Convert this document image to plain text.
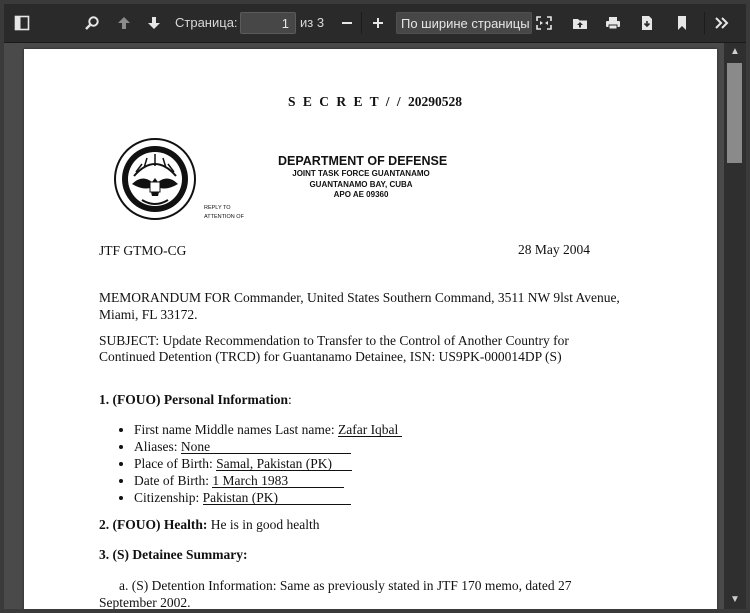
Страница:
1	из 3	По ширине страницы
S E C R E T / / 20290528
DEPARTMENT OF DEFENSE
JOINT TASK FORCE GUANTANAMO
GUANTANAMO BAY, CUBA
APO AE 09360
REPLY TO
ATTENTION OF
JTF GTMO-CG	28 May 2004
MEMORANDUM FOR Commander, United States Southern Command, 3511 NW 9lst Avenue,
Miami, FL 33172.
SUBJECT: Update Recommendation to Transfer to the Control of Another Country for
Continued Detention (TRCD) for Guantanamo Detainee, ISN: US9PK-000014DP (S)
1. (FOUO) Personal Information:
• First name Middle names Last name: Zafar Iqbal
• Aliases: None
• Place of Birth: Samal, Pakistan (PK)
• Date of Birth: 1 March 1983
• Citizenship: Pakistan (PK)
2. (FOUO) Health: He is in good health
3. (S) Detainee Summary:
a. (S) Detention Information: Same as previously stated in JTF 170 memo, dated 27
September 2002.
▲
▼
